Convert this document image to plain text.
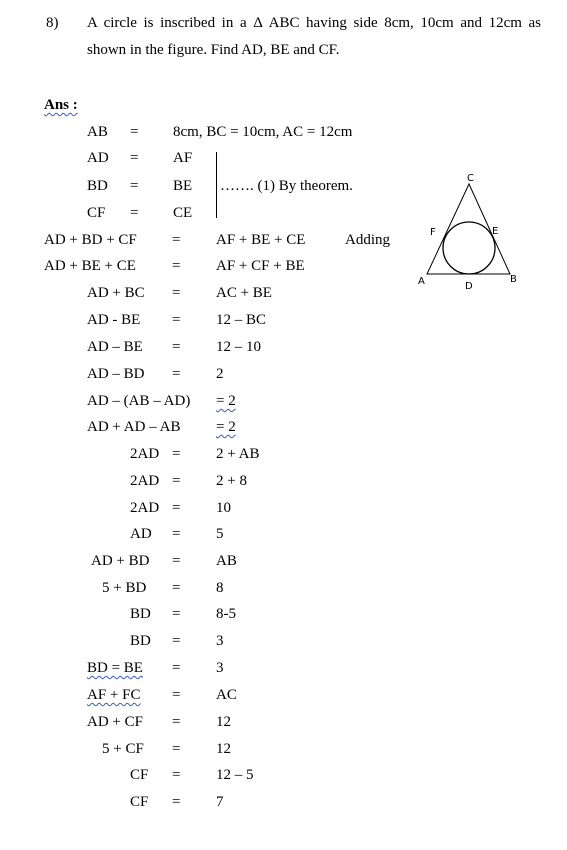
8) A circle is inscribed in a Δ ABC having side 8cm, 10cm and 12cm as
shown in the figure. Find AD, BE and CF.
Ans :
AB = 8cm, BC = 10cm, AC = 12cm
AD = AF
BD = BE
CF = CE
……. (1) By theorem.
AD + BD + CF = AF + BE + CE
AD + BE + CE = AF + CF + BE
AD + BC = AC + BE
AD - BE = 12 – BC
AD – BE = 12 – 10
AD – BD = 2
AD – (AB – AD) = 2
AD + AD – AB = 2
2AD = 2 + AB
2AD = 2 + 8
2AD = 10
AD = 5
AD + BD = AB
5 + BD = 8
BD = 8-5
BD = 3
BD = BE = 3
AF + FC = AC
AD + CF = 12
5 + CF = 12
CF = 12 – 5
CF = 7
Adding
C
F	E
A	D
B
